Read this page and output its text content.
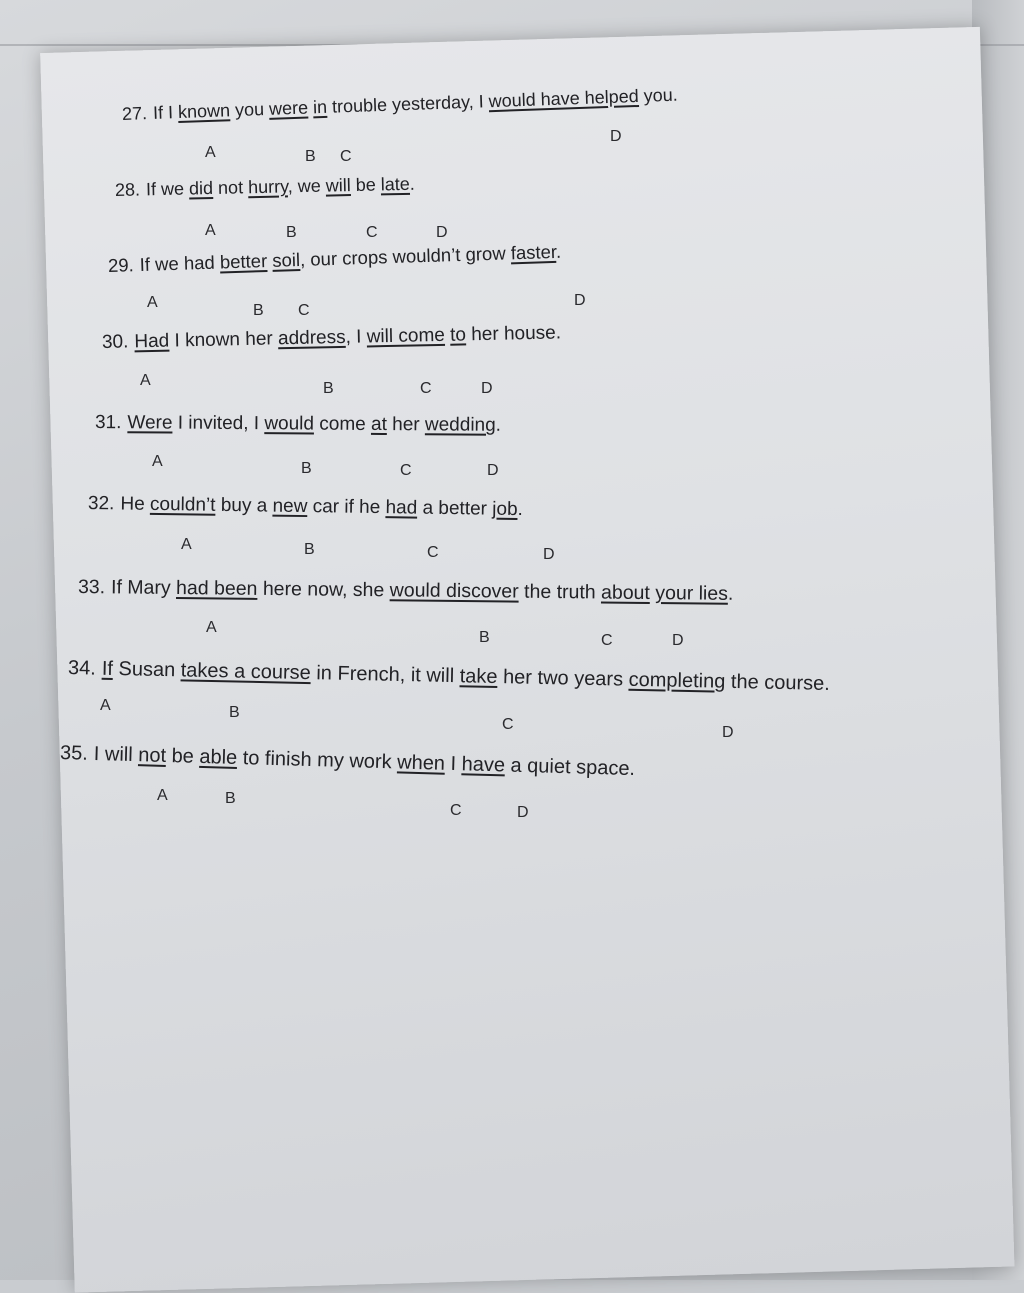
27. If I known you were in trouble yesterday, I would have helped you.
A	B C
D
28. If we did not hurry, we will be late.
A	B	C	D
29. If we had better soil, our crops wouldn’t grow faster.
A	B C
D
30. Had I known her address, I will come to her house.
A	B	C	D
31. Were I invited, I would come at her wedding.
A	B	C	D
32. He couldn’t buy a new car if he had a better job.
A	B	C	D
33. If Mary had been here now, she would discover the truth about your lies.
A
B	C	D
34. If Susan takes a course in French, it will take her two years completing the course.
A	B
C	D
35. I will not be able to finish my work when I have a quiet space.
A	B
C	D
